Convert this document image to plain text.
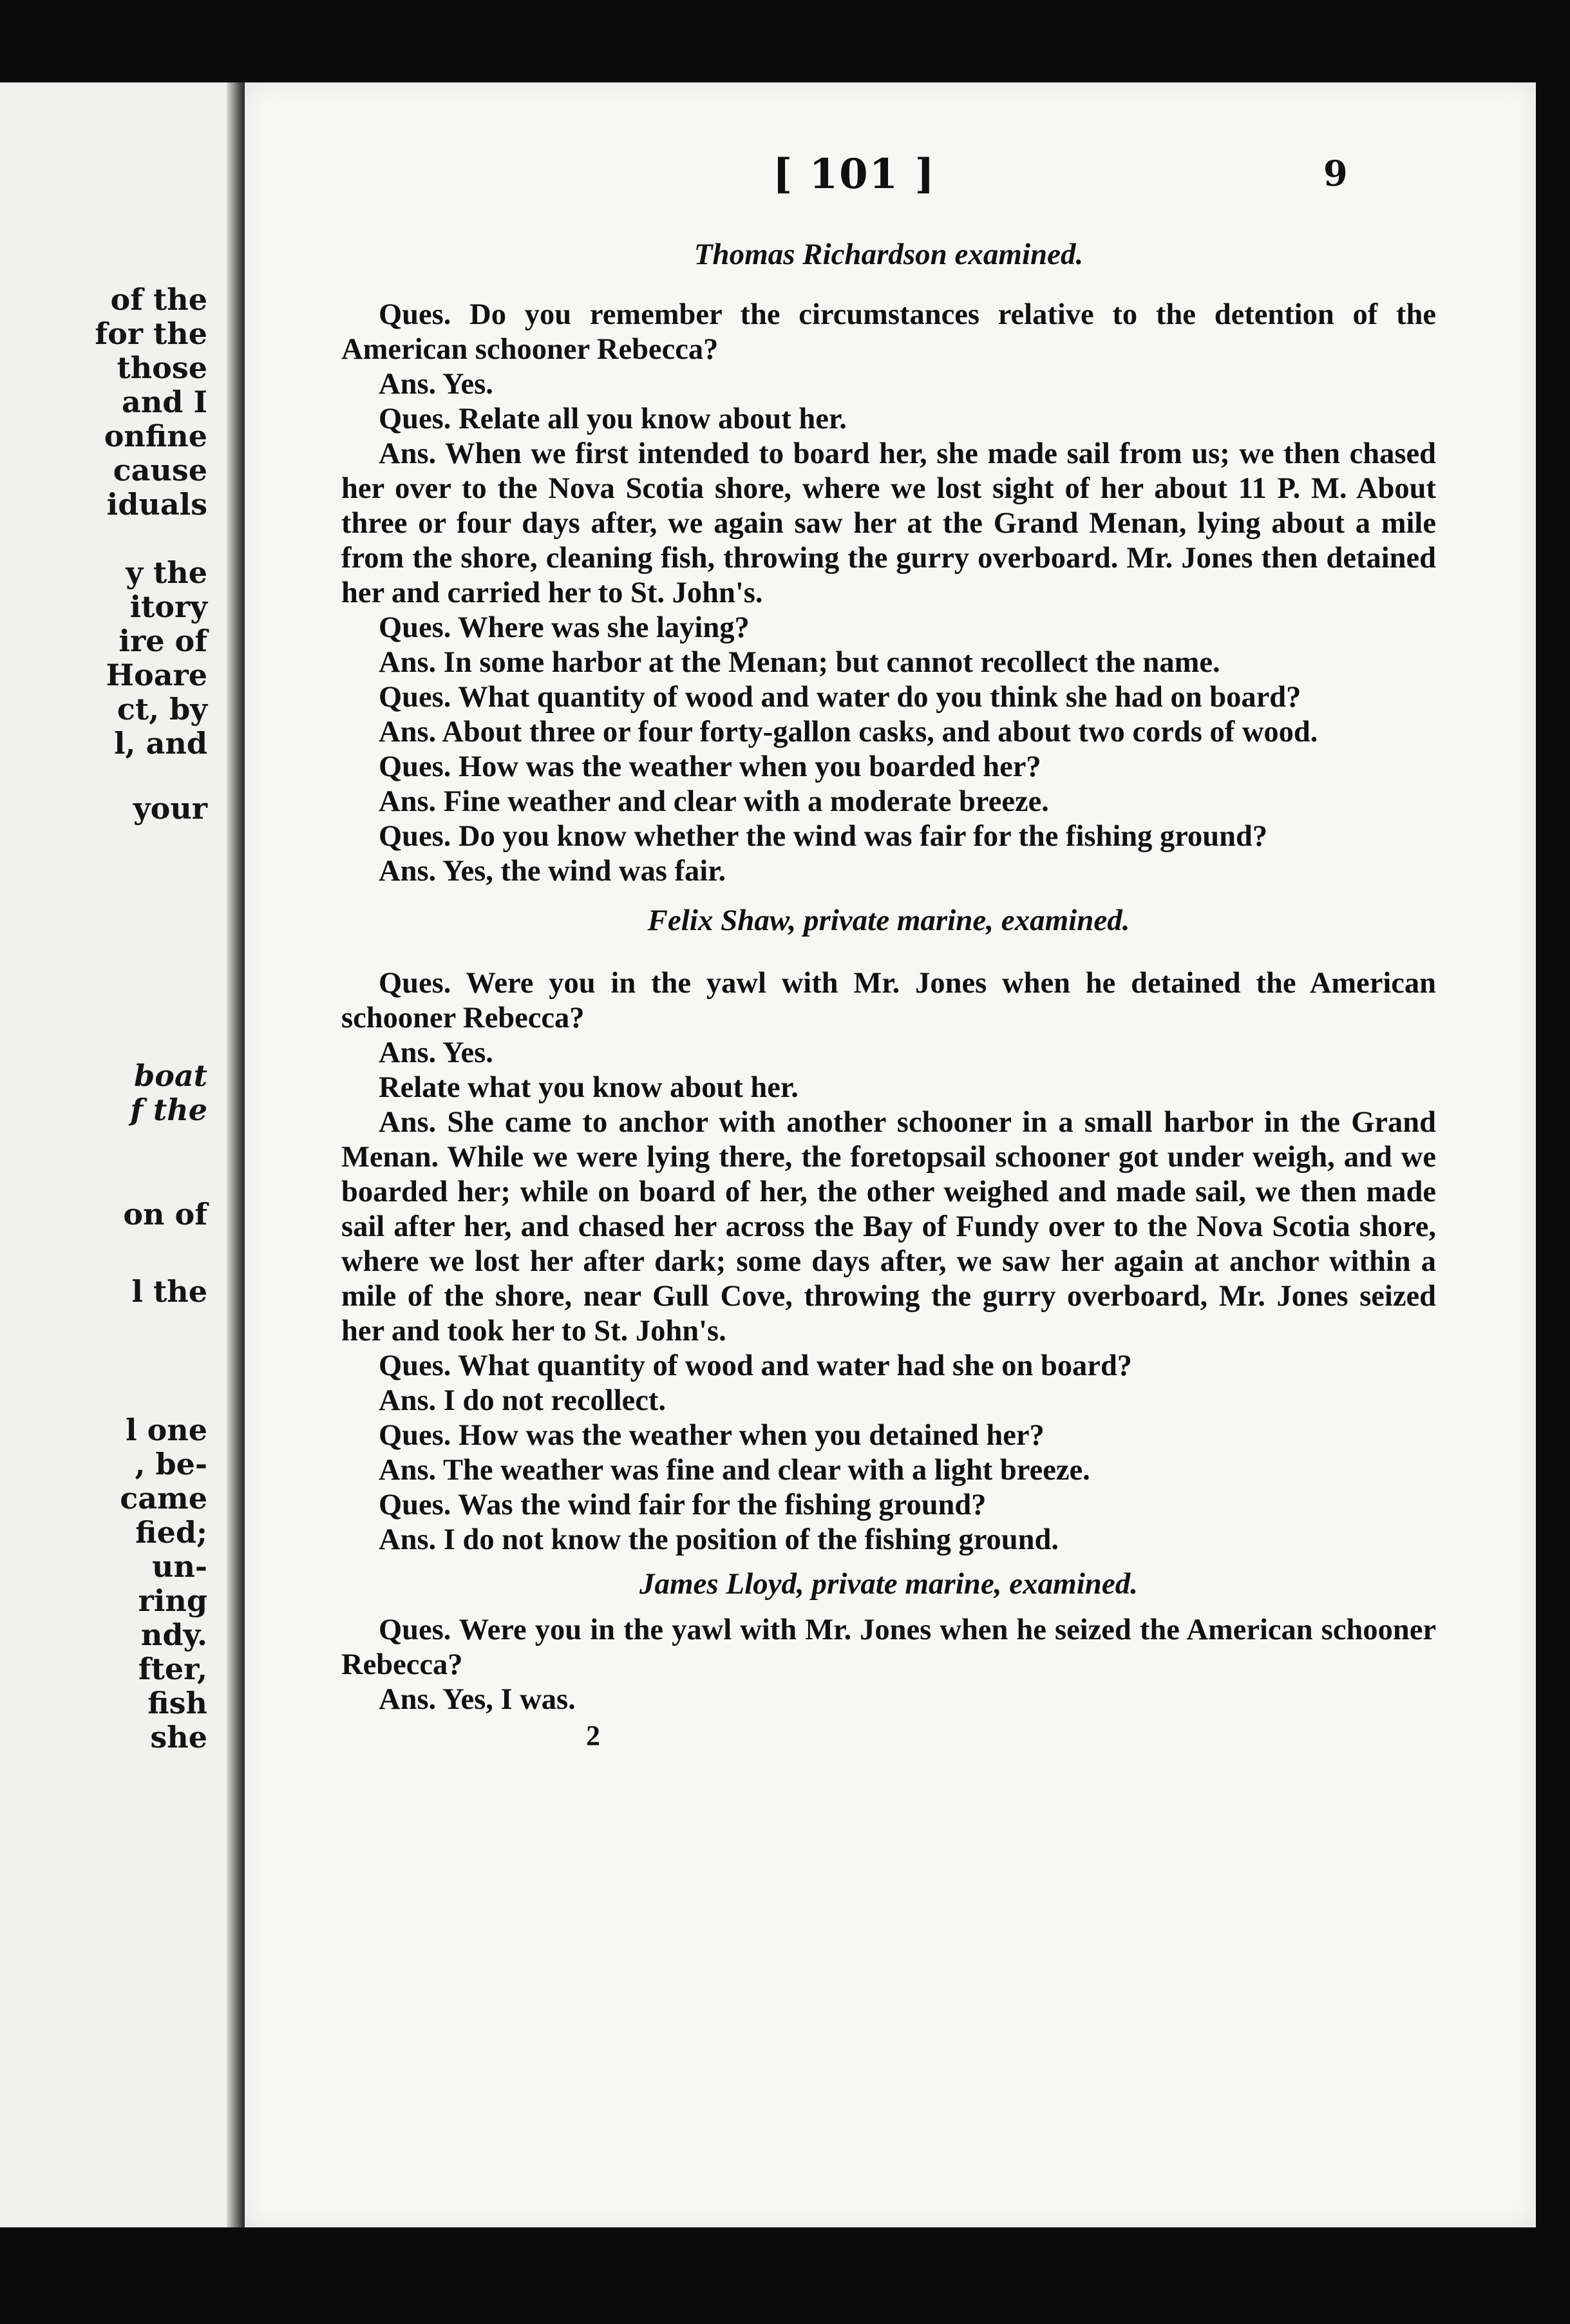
of the
for the
those
and I
onfine
cause
iduals
y the
itory
ire of
Hoare
ct, by
l, and
your
boat
f the
on of
l the
l one
, be-
came
fied;
un-
ring
ndy.
fter,
fish
she
[ 101 ]	9
Thomas Richardson examined.

Ques. Do you remember the circumstances relative to the detention of the American schooner Rebecca?

Ans. Yes.

Ques. Relate all you know about her.

Ans. When we first intended to board her, she made sail from us; we then chased her over to the Nova Scotia shore, where we lost sight of her about 11 P. M. About three or four days after, we again saw her at the Grand Menan, lying about a mile from the shore, cleaning fish, throwing the gurry overboard. Mr. Jones then detained her and carried her to St. John's.

Ques. Where was she laying?

Ans. In some harbor at the Menan; but cannot recollect the name.

Ques. What quantity of wood and water do you think she had on board?

Ans. About three or four forty-gallon casks, and about two cords of wood.

Ques. How was the weather when you boarded her?

Ans. Fine weather and clear with a moderate breeze.

Ques. Do you know whether the wind was fair for the fishing ground?

Ans. Yes, the wind was fair.

Felix Shaw, private marine, examined.

Ques. Were you in the yawl with Mr. Jones when he detained the American schooner Rebecca?

Ans. Yes.

Relate what you know about her.

Ans. She came to anchor with another schooner in a small harbor in the Grand Menan. While we were lying there, the foretopsail schooner got under weigh, and we boarded her; while on board of her, the other weighed and made sail, we then made sail after her, and chased her across the Bay of Fundy over to the Nova Scotia shore, where we lost her after dark; some days after, we saw her again at anchor within a mile of the shore, near Gull Cove, throwing the gurry overboard, Mr. Jones seized her and took her to St. John's.

Ques. What quantity of wood and water had she on board?

Ans. I do not recollect.

Ques. How was the weather when you detained her?

Ans. The weather was fine and clear with a light breeze.

Ques. Was the wind fair for the fishing ground?

Ans. I do not know the position of the fishing ground.

James Lloyd, private marine, examined.

Ques. Were you in the yawl with Mr. Jones when he seized the American schooner Rebecca?

Ans. Yes, I was.

2
